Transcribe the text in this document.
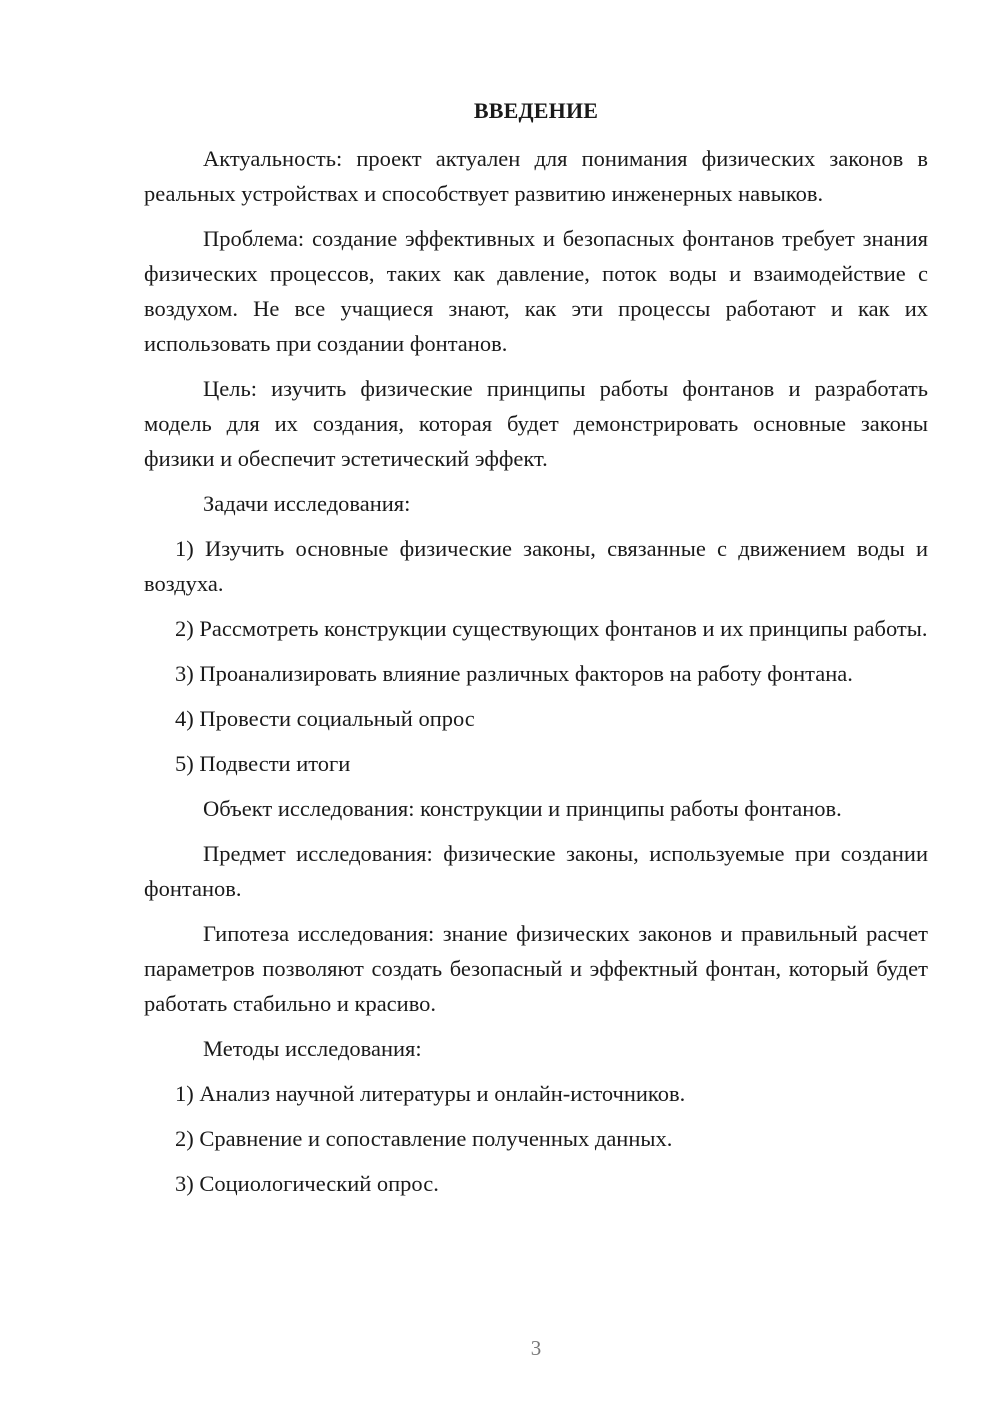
ВВЕДЕНИЕ

Актуальность: проект актуален для понимания физических законов в реальных устройствах и способствует развитию инженерных навыков.

Проблема: создание эффективных и безопасных фонтанов требует знания физических процессов, таких как давление, поток воды и взаимодействие с воздухом. Не все учащиеся знают, как эти процессы работают и как их использовать при создании фонтанов.

Цель: изучить физические принципы работы фонтанов и разработать модель для их создания, которая будет демонстрировать основные законы физики и обеспечит эстетический эффект.

Задачи исследования:

1) Изучить основные физические законы, связанные с движением воды и воздуха.

2) Рассмотреть конструкции существующих фонтанов и их принципы работы.

3) Проанализировать влияние различных факторов на работу фонтана.

4) Провести социальный опрос

5) Подвести итоги

Объект исследования: конструкции и принципы работы фонтанов.

Предмет исследования: физические законы, используемые при создании фонтанов.

Гипотеза исследования: знание физических законов и правильный расчет параметров позволяют создать безопасный и эффектный фонтан, который будет работать стабильно и красиво.

Методы исследования:

1) Анализ научной литературы и онлайн-источников.

2) Сравнение и сопоставление полученных данных.

3) Социологический опрос.

3
